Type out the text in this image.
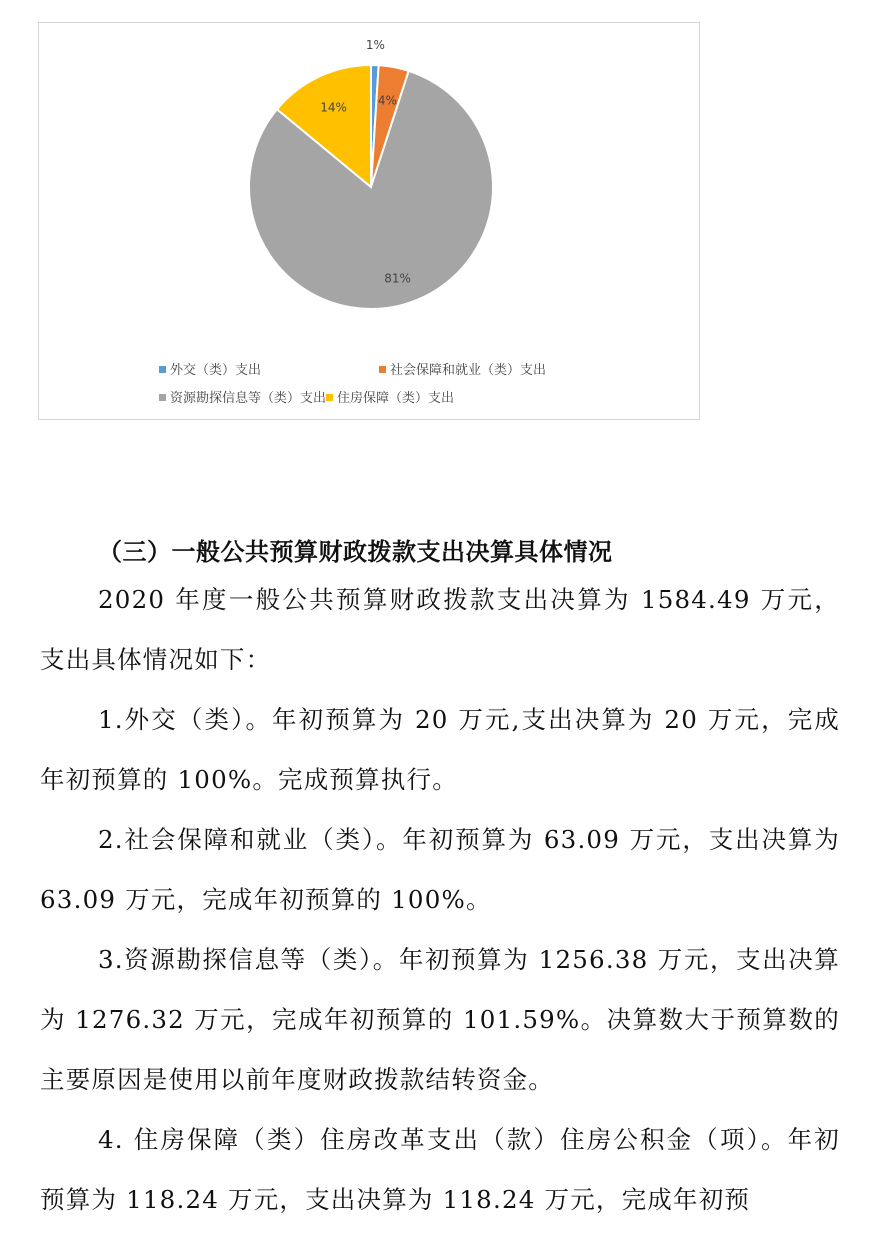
1%
4%
81%
14%
外交（类）支出	社会保障和就业（类）支出
资源勘探信息等（类）支出 住房保障（类）支出
（三）一般公共预算财政拨款支出决算具体情况

2020 年度一般公共预算财政拨款支出决算为 1584.49 万元，支出具体情况如下：

1.外交（类）。年初预算为 20 万元,支出决算为 20 万元，完成年初预算的 100%。完成预算执行。

2.社会保障和就业（类）。年初预算为 63.09 万元，支出决算为 63.09 万元，完成年初预算的 100%。

3.资源勘探信息等（类）。年初预算为 1256.38 万元，支出决算为 1276.32 万元，完成年初预算的 101.59%。决算数大于预算数的主要原因是使用以前年度财政拨款结转资金。

4. 住房保障（类）住房改革支出（款）住房公积金（项）。年初预算为 118.24 万元，支出决算为 118.24 万元，完成年初预
